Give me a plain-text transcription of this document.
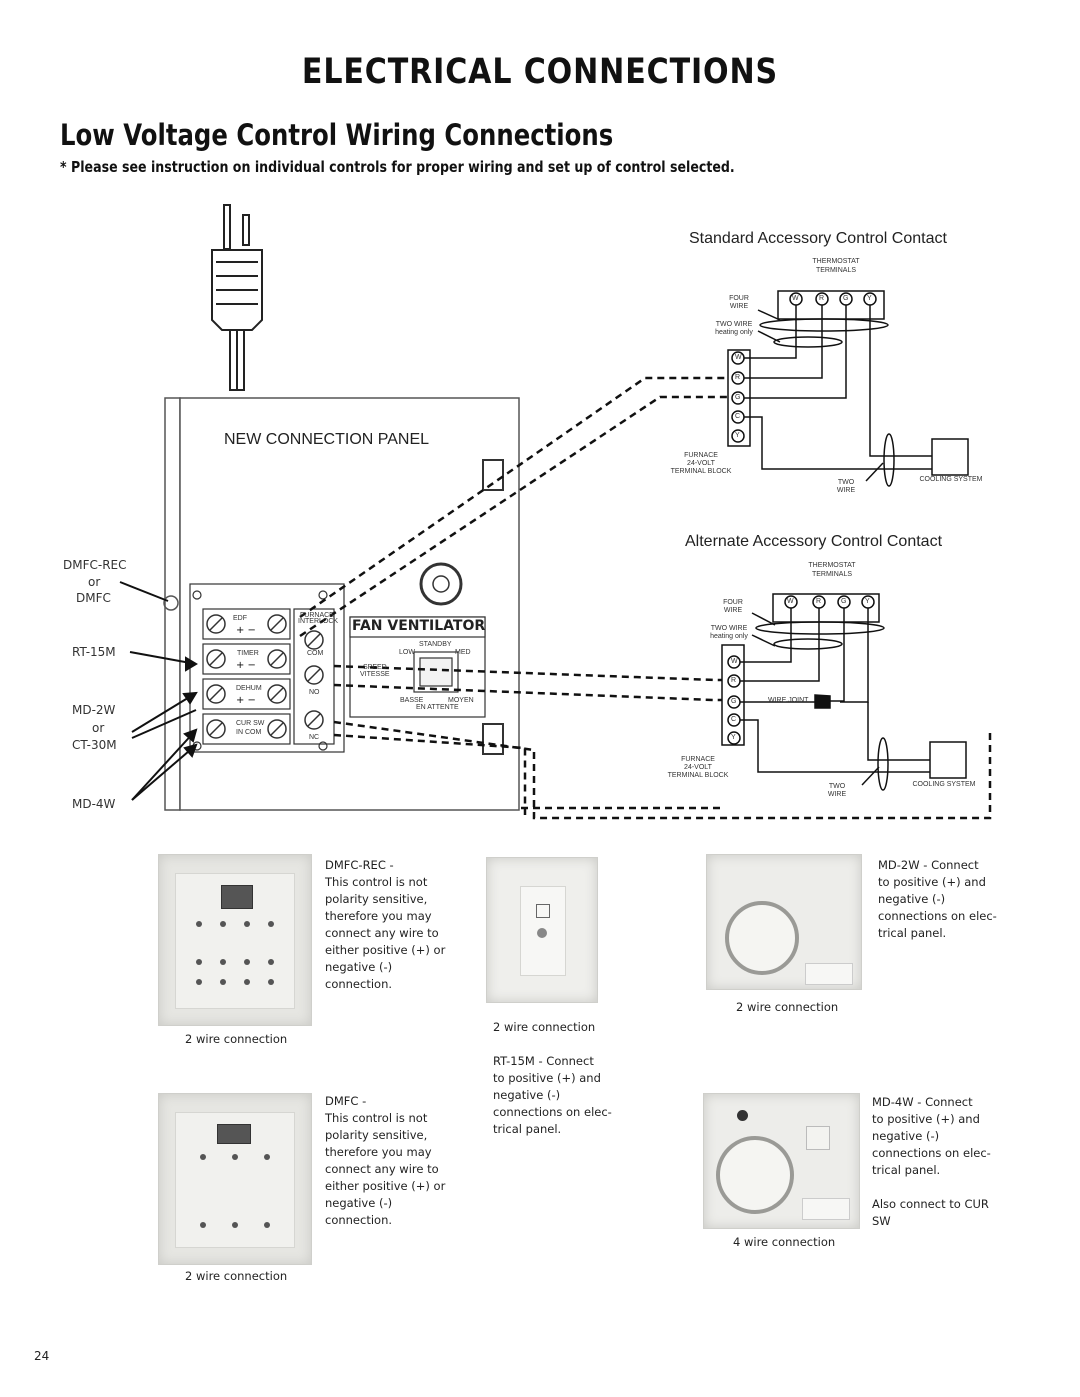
ELECTRICAL CONNECTIONS
Low Voltage Control Wiring Connections
* Please see instruction on individual controls for proper wiring and set up of control selected.
NEW CONNECTION PANEL
FAN VENTILATOR
STANDBY
LOW	MED
SPEED
VITESSE
BASSE	MOYEN
EN ATTENTE
EDF
+ −
TIMER
+ −
DEHUM
+ −
CUR SW
IN COM
FURNACE
INTERLOCK
COM
NO
NC
DMFC-REC
or
DMFC
RT-15M
MD-2W
or
CT-30M
MD-4W
Standard Accessory Control Contact
THERMOSTAT
TERMINALS
W	R	G	Y
FOUR
WIRE
TWO WIRE
heating only
W
R
G
C
Y
FURNACE
24-VOLT
TERMINAL BLOCK
TWO
WIRE
COOLING SYSTEM
Alternate Accessory Control Contact
THERMOSTAT
TERMINALS
W	R	G	Y
FOUR
WIRE
TWO WIRE
heating only
W
R
G
C
Y
WIRE JOINT
FURNACE
24-VOLT
TERMINAL BLOCK
TWO
WIRE
COOLING SYSTEM
DMFC-REC -
This control is not
polarity sensitive,
therefore you may
connect any wire to
either positive (+) or
negative (-)
connection.
2 wire connection
DMFC -
This control is not
polarity sensitive,
therefore you may
connect any wire to
either positive (+) or
negative (-)
connection.
2 wire connection
2 wire connection
RT-15M - Connect
to positive (+) and
negative (-)
connections on elec-
trical panel.
MD-2W - Connect
to positive (+) and
negative (-)
connections on elec-
trical panel.
2 wire connection
MD-4W - Connect
to positive (+) and
negative (-)
connections on elec-
trical panel.
Also connect to CUR
SW
4 wire connection
24
